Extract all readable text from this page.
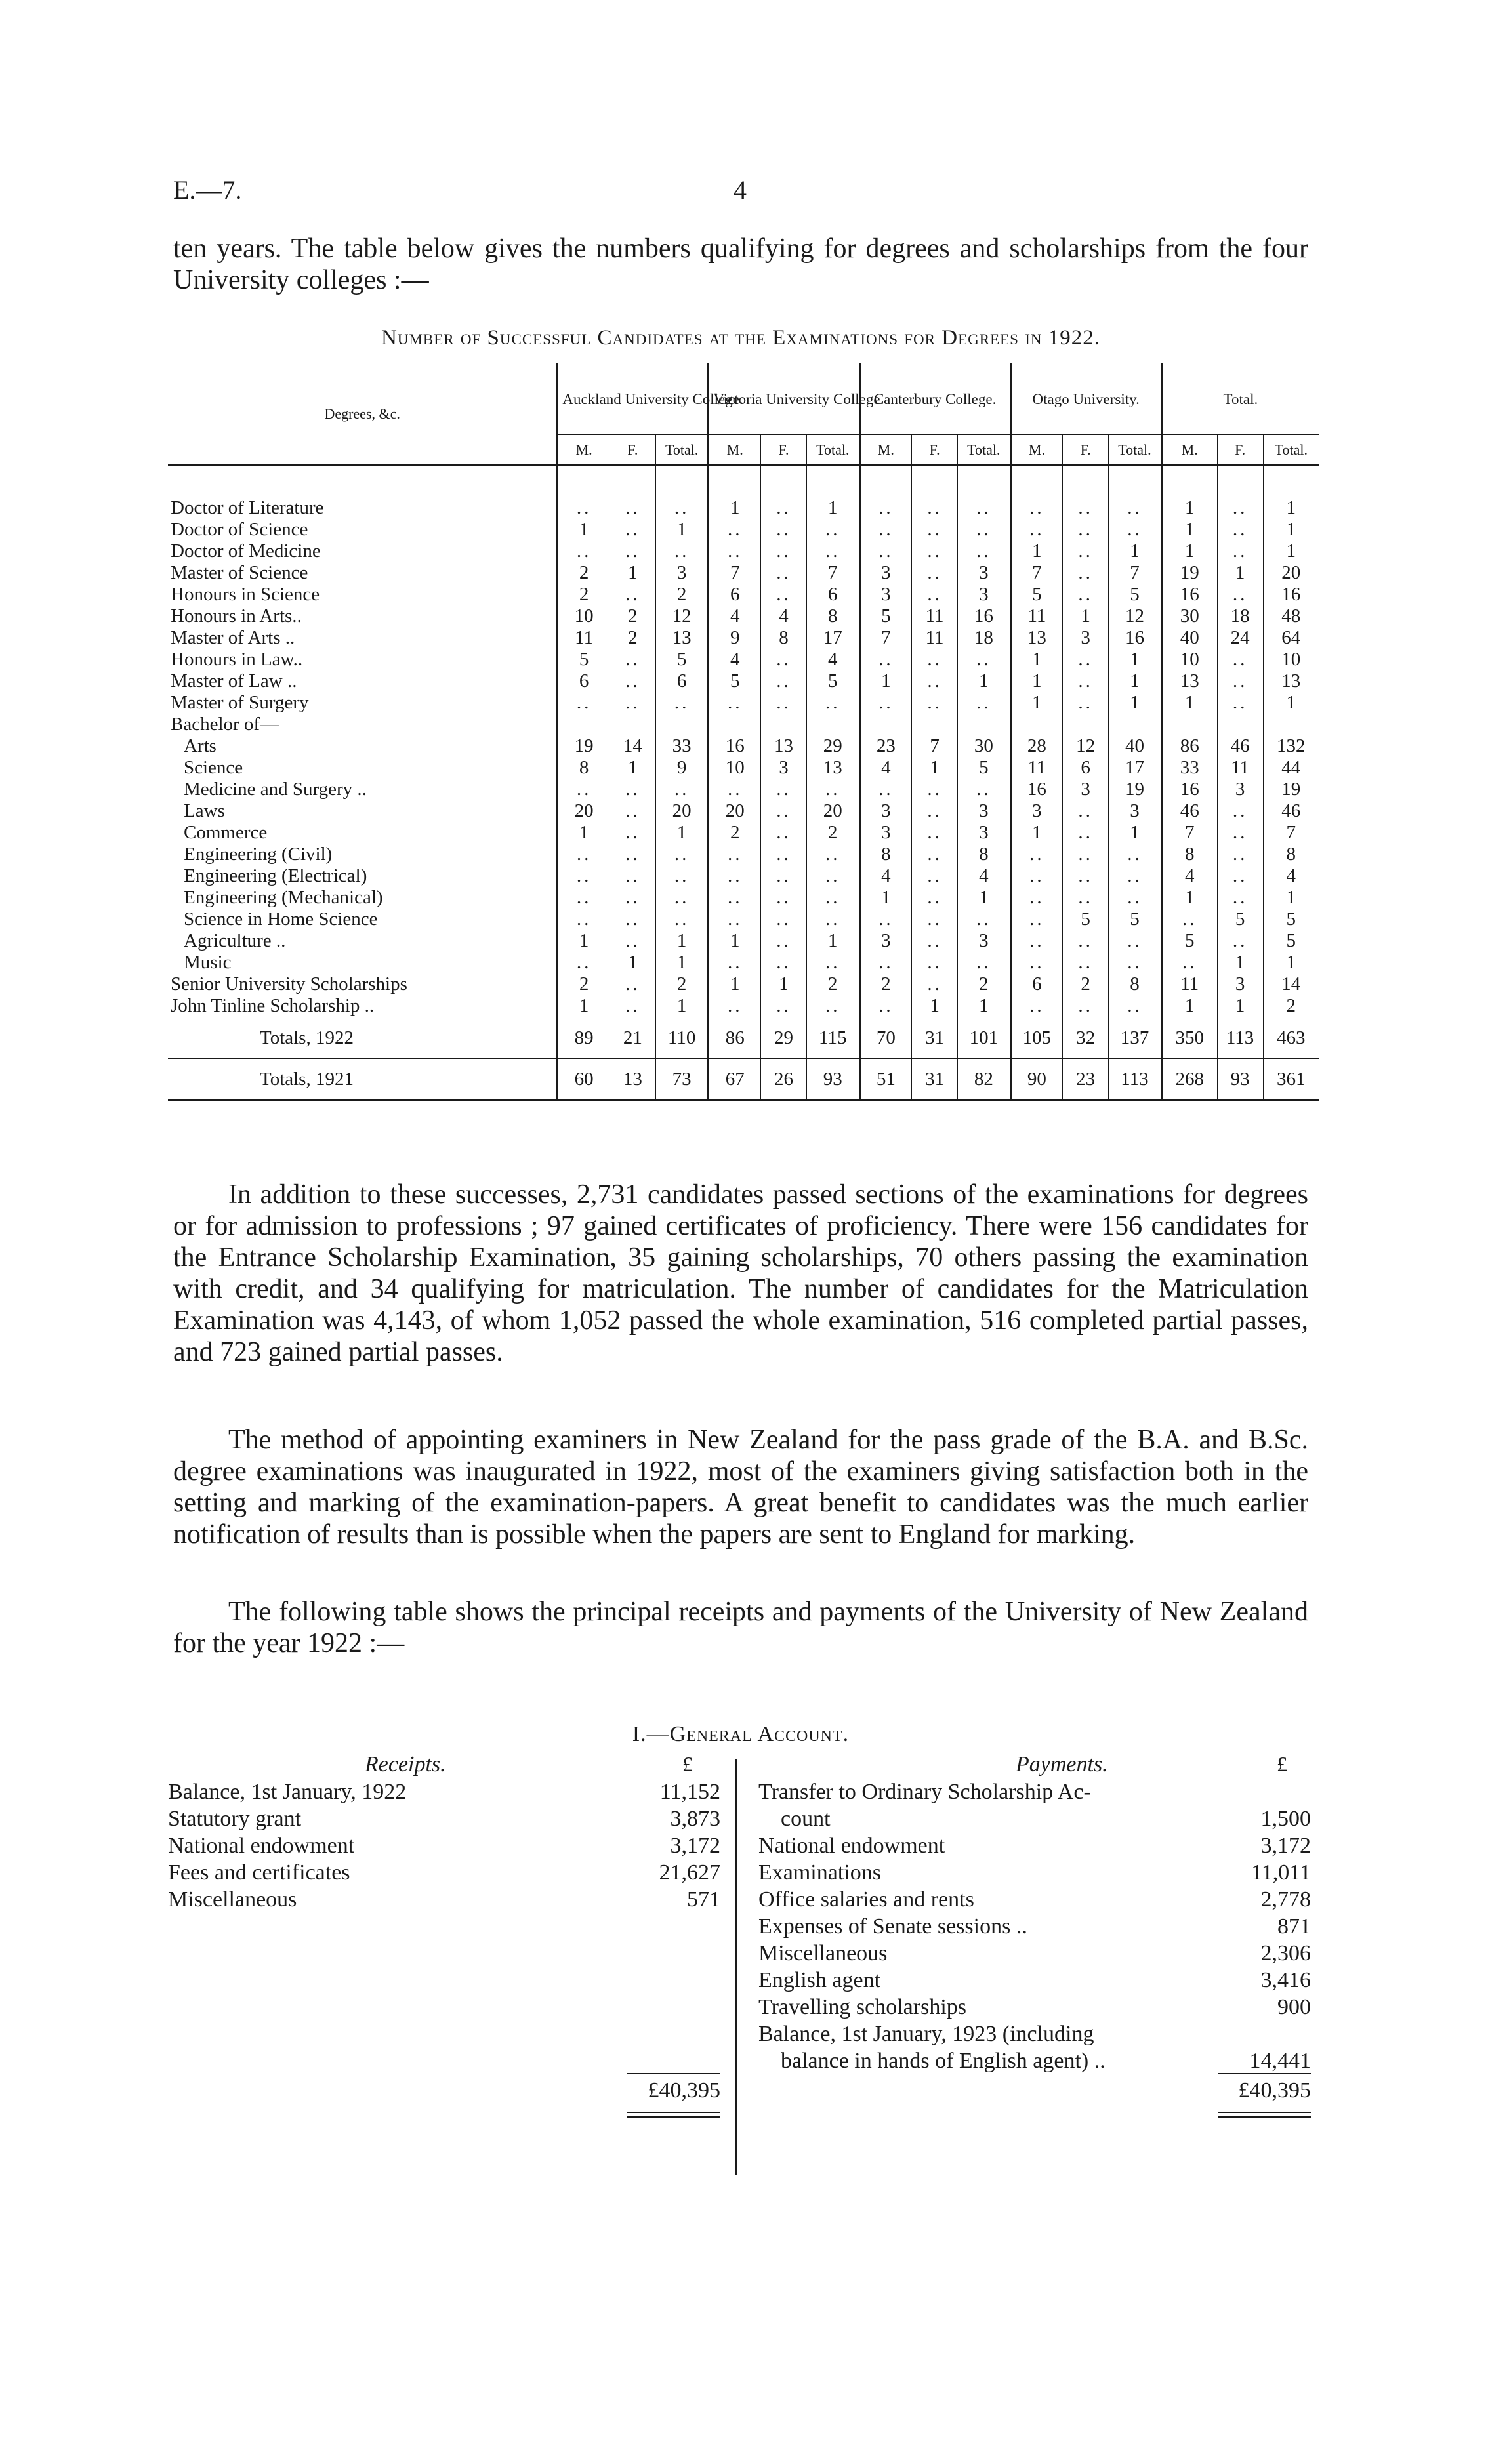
E.—7.	4
ten years. The table below gives the numbers qualifying for degrees and scholarships from the four University colleges :—
Number of Successful Candidates at the Examinations for Degrees in 1922.
Degrees, &c.	Auckland University College.			Victoria University College.			Canterbury College.			Otago University.			Total.		
	M.	F.	Total.	M.	F.	Total.	M.	F.	Total.	M.	F.	Total.	M.	F.	Total.

Doctor of Literature	..	..	..	1	..	1	..	..	..	..	..	..	1	..	1
Doctor of Science	1	..	1	..	..	..	..	..	..	..	..	..	1	..	1
Doctor of Medicine	..	..	..	..	..	..	..	..	..	1	..	1	1	..	1
Master of Science	2	1	3	7	..	7	3	..	3	7	..	7	19	1	20
Honours in Science	2	..	2	6	..	6	3	..	3	5	..	5	16	..	16
Honours in Arts..	10	2	12	4	4	8	5	11	16	11	1	12	30	18	48
Master of Arts ..	11	2	13	9	8	17	7	11	18	13	3	16	40	24	64
Honours in Law..	5	..	5	4	..	4	..	..	..	1	..	1	10	..	10
Master of Law ..	6	..	6	5	..	5	1	..	1	1	..	1	13	..	13
Master of Surgery	..	..	..	..	..	..	..	..	..	1	..	1	1	..	1
Bachelor of—															
Arts	19	14	33	16	13	29	23	7	30	28	12	40	86	46	132
Science	8	1	9	10	3	13	4	1	5	11	6	17	33	11	44
Medicine and Surgery ..	..	..	..	..	..	..	..	..	..	16	3	19	16	3	19
Laws	20	..	20	20	..	20	3	..	3	3	..	3	46	..	46
Commerce	1	..	1	2	..	2	3	..	3	1	..	1	7	..	7
Engineering (Civil)	..	..	..	..	..	..	8	..	8	..	..	..	8	..	8
Engineering (Electrical)	..	..	..	..	..	..	4	..	4	..	..	..	4	..	4
Engineering (Mechanical)	..	..	..	..	..	..	1	..	1	..	..	..	1	..	1
Science in Home Science	..	..	..	..	..	..	..	..	..	..	5	5	..	5	5
Agriculture ..	1	..	1	1	..	1	3	..	3	..	..	..	5	..	5
Music	..	1	1	..	..	..	..	..	..	..	..	..	..	1	1
Senior University Scholarships	2	..	2	1	1	2	2	..	2	6	2	8	11	3	14
John Tinline Scholarship ..	1	..	1	..	..	..	..	1	1	..	..	..	1	1	2
Totals, 1922	89	21	110	86	29	115	70	31	101	105	32	137	350	113	463
Totals, 1921	60	13	73	67	26	93	51	31	82	90	23	113	268	93	361
In addition to these successes, 2,731 candidates passed sections of the examinations for degrees or for admission to professions ; 97 gained certificates of proficiency. There were 156 candidates for the Entrance Scholarship Examination, 35 gaining scholarships, 70 others passing the examination with credit, and 34 qualifying for matriculation. The number of candidates for the Matriculation Examination was 4,143, of whom 1,052 passed the whole examination, 516 completed partial passes, and 723 gained partial passes.
The method of appointing examiners in New Zealand for the pass grade of the B.A. and B.Sc. degree examinations was inaugurated in 1922, most of the examiners giving satisfaction both in the setting and marking of the examination-papers. A great benefit to candidates was the much earlier notification of results than is possible when the papers are sent to England for marking.
The following table shows the principal receipts and payments of the University of New Zealand for the year 1922 :—
I.—General Account.
Receipts.	£
Balance, 1st January, 1922	11,152
Statutory grant	3,873
National endowment	3,172
Fees and certificates	21,627
Miscellaneous	571
Payments.	£
Transfer to Ordinary Scholarship Ac-
count	1,500
National endowment	3,172
Examinations	11,011
Office salaries and rents	2,778
Expenses of Senate sessions ..	871
Miscellaneous	2,306
English agent	3,416
Travelling scholarships	900
Balance, 1st January, 1923 (including
balance in hands of English agent) ..	14,441
£40,395	£40,395
